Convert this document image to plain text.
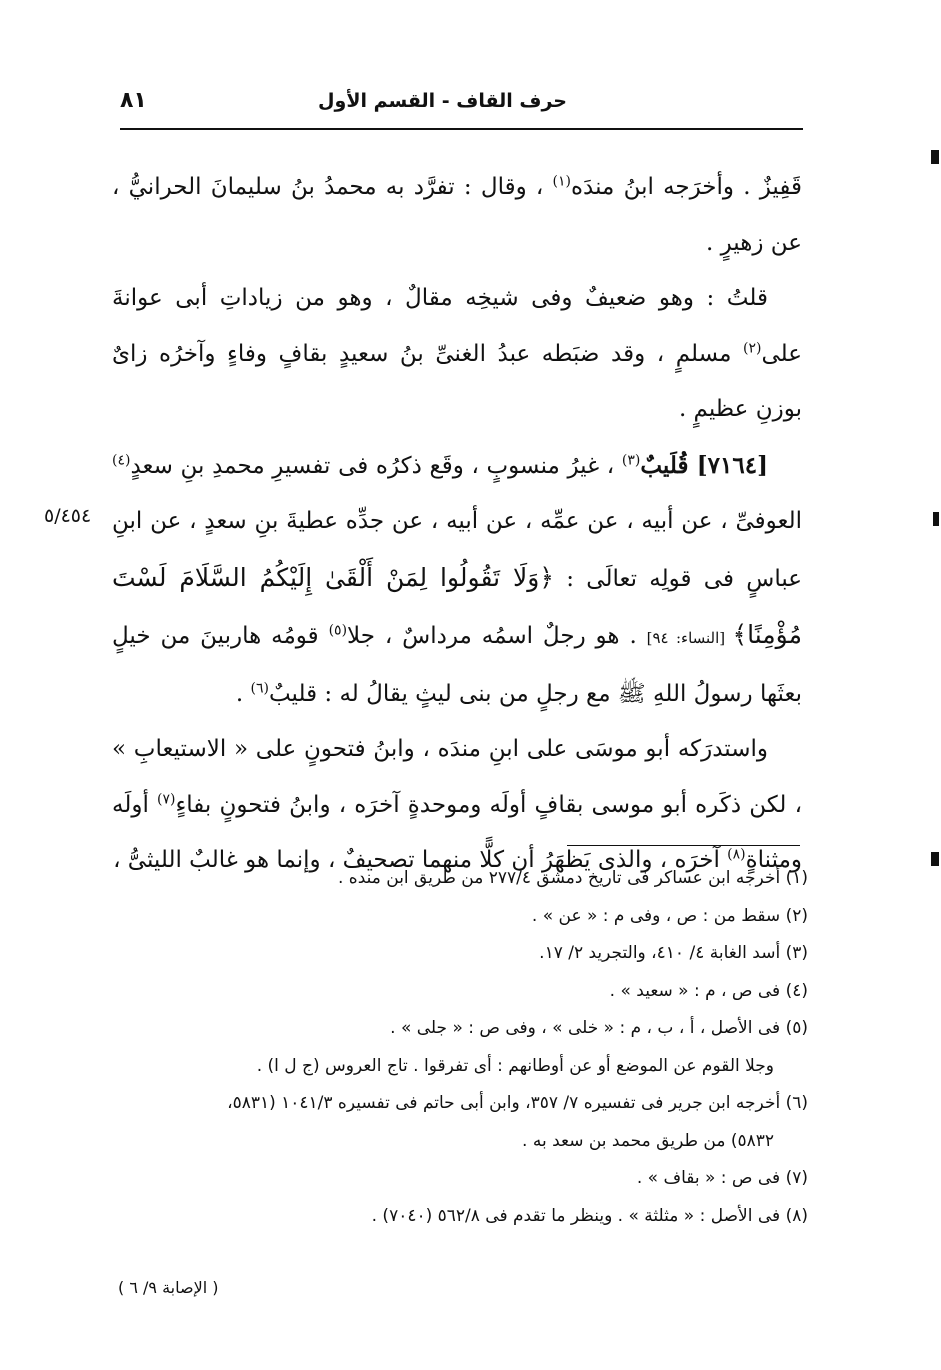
حرف القاف - القسم الأول
٨١

قَفِيزٌ . وأخرَجه ابنُ مندَه$^{(١)}$ ، وقال : تفرَّد به محمدُ بنُ سليمانَ الحرانيُّ ، عن زهيرٍ .

قلتُ : وهو ضعيفٌ وفى شيخِه مقالٌ ، وهو من زياداتِ أبى عوانةَ على$^{(٢)}$ مسلمٍ ، وقد ضبَطه عبدُ الغنىِّ بنُ سعيدٍ بقافٍ وفاءٍ وآخرُه زاىٌ بوزنِ عظيمٍ .

[٧١٦٤] قُلَيبٌ$^{(٣)}$ ، غيرُ منسوبٍ ، وقَع ذكرُه فى تفسيرِ محمدِ بنِ سعدٍ$^{(٤)}$ العوفىِّ ، عن أبيه ، عن عمِّه ، عن أبيه ، عن جدِّه عطيةَ بنِ سعدٍ ، عن ابنِ عباسٍ فى قولِه تعالَى : ﴿وَلَا تَقُولُوا لِمَنْ أَلْقَىٰ إِلَيْكُمُ السَّلَامَ لَسْتَ مُؤْمِنًا﴾ [النساء: ٩٤] . هو رجلٌ اسمُه مرداسٌ ، جلا$^{(٥)}$ قومُه هاربينَ من خيلٍ بعثَها رسولُ اللهِ ﷺ مع رجلٍ من بنى ليثٍ يقالُ له : قليبٌ$^{(٦)}$ .

واستدرَكه أبو موسَى على ابنِ مندَه ، وابنُ فتحونٍ على « الاستيعابِ » ، لكن ذكَره أبو موسى بقافٍ أولَه وموحدةٍ آخرَه ، وابنُ فتحونٍ بفاءٍ$^{(٧)}$ أولَه ومثناةٍ$^{(٨)}$ آخرَه ، والذى يَظهَرُ أن كلًّا منهما تصحيفٌ ، وإنما هو غالبٌ الليثىُّ ،

٥/٤٥٤
(١) أخرجه ابن عساكر فى تاريخ دمشق ٢٧٧/٤ من طريق ابن منده .
(٢) سقط من : ص ، وفى م : « عن » .
(٣) أسد الغابة ٤/ ٤١٠، والتجريد ٢/ ١٧.
(٤) فى ص ، م : « سعيد » .
(٥) فى الأصل ، أ ، ب ، م : « خلى » ، وفى ص : « جلى » .
وجلا القوم عن الموضع أو عن أوطانهم : أى تفرقوا . تاج العروس (ج ل ا) .
(٦) أخرجه ابن جرير فى تفسيره ٧/ ٣٥٧، وابن أبى حاتم فى تفسيره ١٠٤١/٣ (٥٨٣١،
٥٨٣٢) من طريق محمد بن سعد به .
(٧) فى ص : « بقاف » .
(٨) فى الأصل : « مثلثة » . وينظر ما تقدم فى ٥٦٢/٨ (٧٠٤٠) .
( الإصابة ٩/ ٦ )
